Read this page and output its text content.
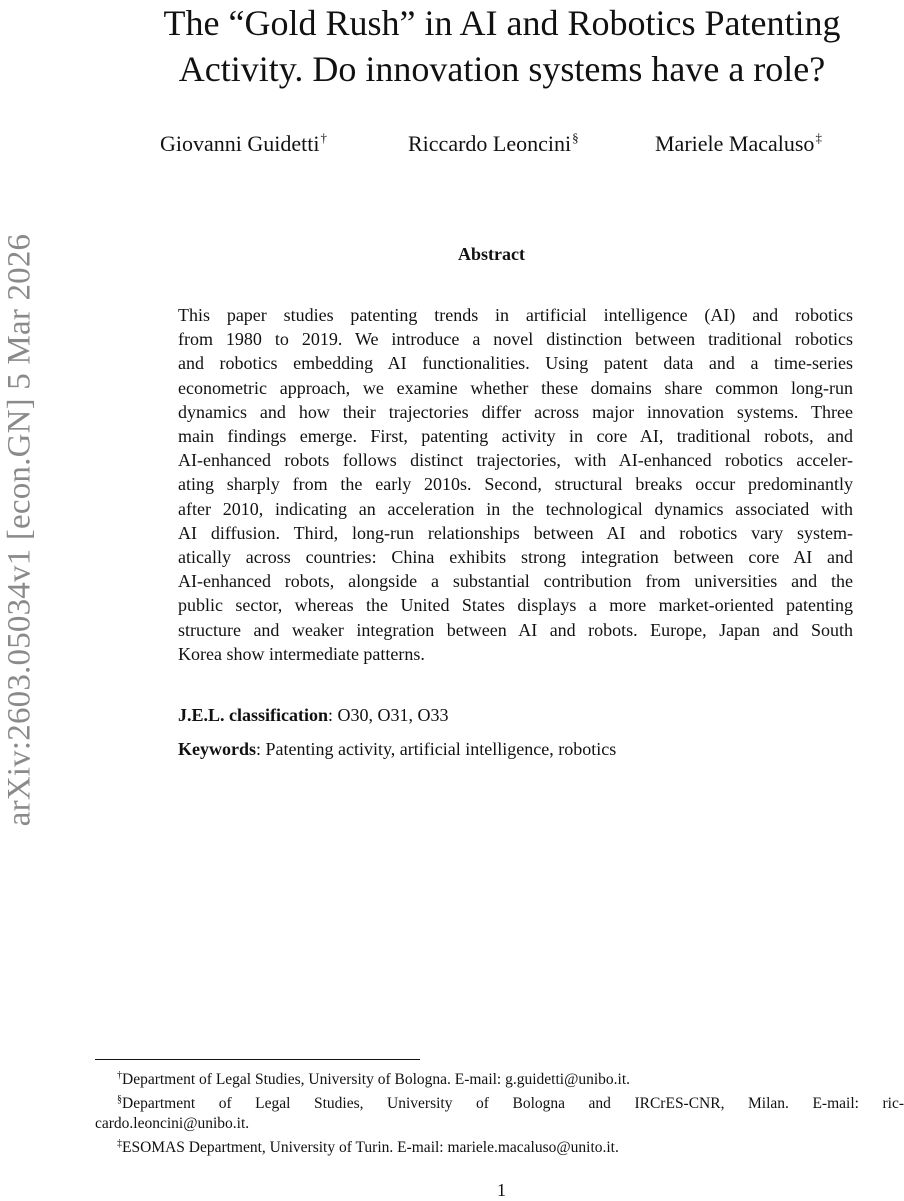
arXiv:2603.05034v1 [econ.GN] 5 Mar 2026
The “Gold Rush” in AI and Robotics Patenting
Activity. Do innovation systems have a role?
Giovanni Guidetti†	Riccardo Leoncini§	Mariele Macaluso‡
Abstract

This paper studies patenting trends in artificial intelligence (AI) and robotics
from 1980 to 2019. We introduce a novel distinction between traditional robotics
and robotics embedding AI functionalities. Using patent data and a time-series
econometric approach, we examine whether these domains share common long-run
dynamics and how their trajectories differ across major innovation systems. Three
main findings emerge. First, patenting activity in core AI, traditional robots, and
AI-enhanced robots follows distinct trajectories, with AI-enhanced robotics acceler-
ating sharply from the early 2010s. Second, structural breaks occur predominantly
after 2010, indicating an acceleration in the technological dynamics associated with
AI diffusion. Third, long-run relationships between AI and robotics vary system-
atically across countries: China exhibits strong integration between core AI and
AI-enhanced robots, alongside a substantial contribution from universities and the
public sector, whereas the United States displays a more market-oriented patenting
structure and weaker integration between AI and robots. Europe, Japan and South
Korea show intermediate patterns.

J.E.L. classification: O30, O31, O33
Keywords: Patenting activity, artificial intelligence, robotics
†Department of Legal Studies, University of Bologna. E-mail: g.guidetti@unibo.it.
§Department of Legal Studies, University of Bologna and IRCrES-CNR, Milan. E-mail: ric-
cardo.leoncini@unibo.it.
‡ESOMAS Department, University of Turin. E-mail: mariele.macaluso@unito.it.
1
